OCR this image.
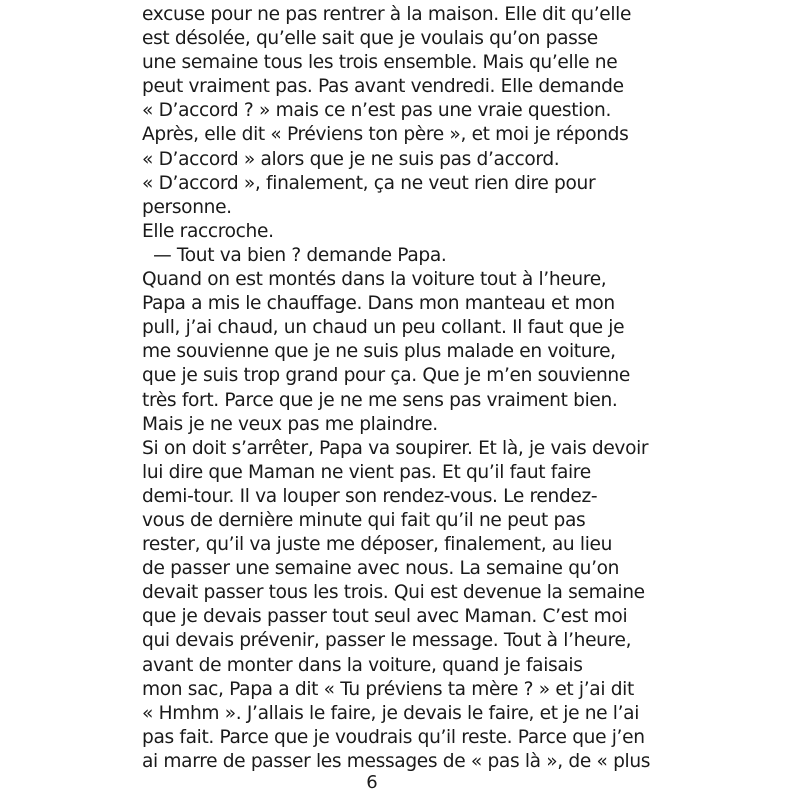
excuse pour ne pas rentrer à la maison. Elle dit qu’elle
est désolée, qu’elle sait que je voulais qu’on passe
une semaine tous les trois ensemble. Mais qu’elle ne
peut vraiment pas. Pas avant vendredi. Elle demande
« D’accord ? » mais ce n’est pas une vraie question.
Après, elle dit « Préviens ton père », et moi je réponds
« D’accord » alors que je ne suis pas d’accord.
« D’accord », finalement, ça ne veut rien dire pour
personne.
Elle raccroche.
— Tout va bien ? demande Papa.
Quand on est montés dans la voiture tout à l’heure,
Papa a mis le chauffage. Dans mon manteau et mon
pull, j’ai chaud, un chaud un peu collant. Il faut que je
me souvienne que je ne suis plus malade en voiture,
que je suis trop grand pour ça. Que je m’en souvienne
très fort. Parce que je ne me sens pas vraiment bien.
Mais je ne veux pas me plaindre.
Si on doit s’arrêter, Papa va soupirer. Et là, je vais devoir
lui dire que Maman ne vient pas. Et qu’il faut faire
demi-tour. Il va louper son rendez-vous. Le rendez-
vous de dernière minute qui fait qu’il ne peut pas
rester, qu’il va juste me déposer, finalement, au lieu
de passer une semaine avec nous. La semaine qu’on
devait passer tous les trois. Qui est devenue la semaine
que je devais passer tout seul avec Maman. C’est moi
qui devais prévenir, passer le message. Tout à l’heure,
avant de monter dans la voiture, quand je faisais
mon sac, Papa a dit « Tu préviens ta mère ? » et j’ai dit
« Hmhm ». J’allais le faire, je devais le faire, et je ne l’ai
pas fait. Parce que je voudrais qu’il reste. Parce que j’en
ai marre de passer les messages de « pas là », de « plus
6
